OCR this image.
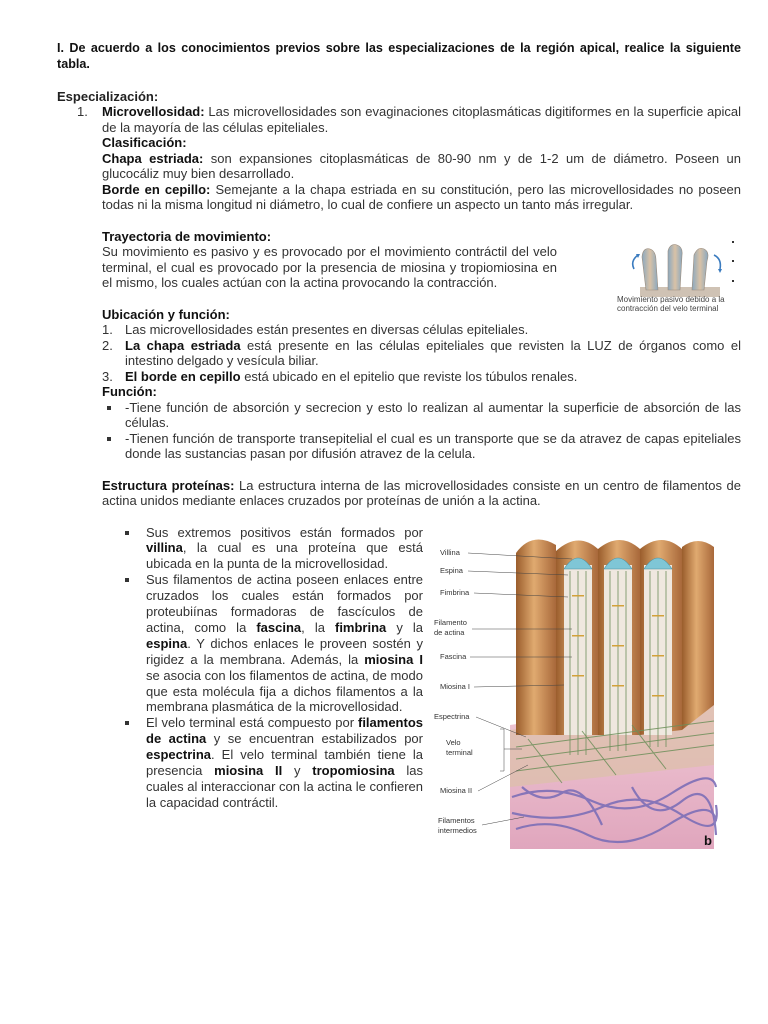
I. De acuerdo a los conocimientos previos sobre las especializaciones de la región apical, realice la siguiente tabla.

Especialización:

1. Microvellosidad: Las microvellosidades son evaginaciones citoplasmáticas digitiformes en la superficie apical de la mayoría de las células epiteliales.

Clasificación:

Chapa estriada: son expansiones citoplasmáticas de 80-90 nm y de 1-2 um de diámetro. Poseen un glucocáliz muy bien desarrollado.

Borde en cepillo: Semejante a la chapa estriada en su constitución, pero las microvellosidades no poseen todas ni la misma longitud ni diámetro, lo cual de confiere un aspecto un tanto más irregular.

Trayectoria de movimiento:

Su movimiento es pasivo y es provocado por el movimiento contráctil del velo terminal, el cual es provocado por la presencia de miosina y tropiomiosina en el mismo, los cuales actúan con la actina provocando la contracción.

Movimiento pasivo debido a la contracción del velo terminal

Ubicación y función:

1. Las microvellosidades están presentes en diversas células epiteliales.
2. La chapa estriada está presente en las células epiteliales que revisten la LUZ de órganos como el intestino delgado y vesícula biliar.
3. El borde en cepillo está ubicado en el epitelio que reviste los túbulos renales.

Función:

-Tiene función de absorción y secrecion y esto lo realizan al aumentar la superficie de absorción de las células.
-Tienen función de transporte transepitelial el cual es un transporte que se da atravez de capas epiteliales donde las sustancias pasan por difusión atravez de la celula.

Estructura proteínas: La estructura interna de las microvellosidades consiste en un centro de filamentos de actina unidos mediante enlaces cruzados por proteínas de unión a la actina.

Sus extremos positivos están formados por villina, la cual es una proteína que está ubicada en la punta de la microvellosidad.
Sus filamentos de actina poseen enlaces entre cruzados los cuales están formados por proteubiínas formadoras de fascículos de actina, como la fascina, la fimbrina y la espina. Y dichos enlaces le proveen sostén y rigidez a la membrana. Además, la miosina I se asocia con los filamentos de actina, de modo que esta molécula fija a dichos filamentos a la membrana plasmática de la microvellosidad.
El velo terminal está compuesto por filamentos de actina y se encuentran estabilizados por espectrina. El velo terminal también tiene la presencia miosina II y tropomiosina las cuales al interaccionar con la actina le confieren la capacidad contráctil.
Villina
Espina
Fimbrina
Filamento
de actina
Fascina
Miosina I
Espectrina
Velo
terminal
Miosina II
Filamentos
intermedios
b
